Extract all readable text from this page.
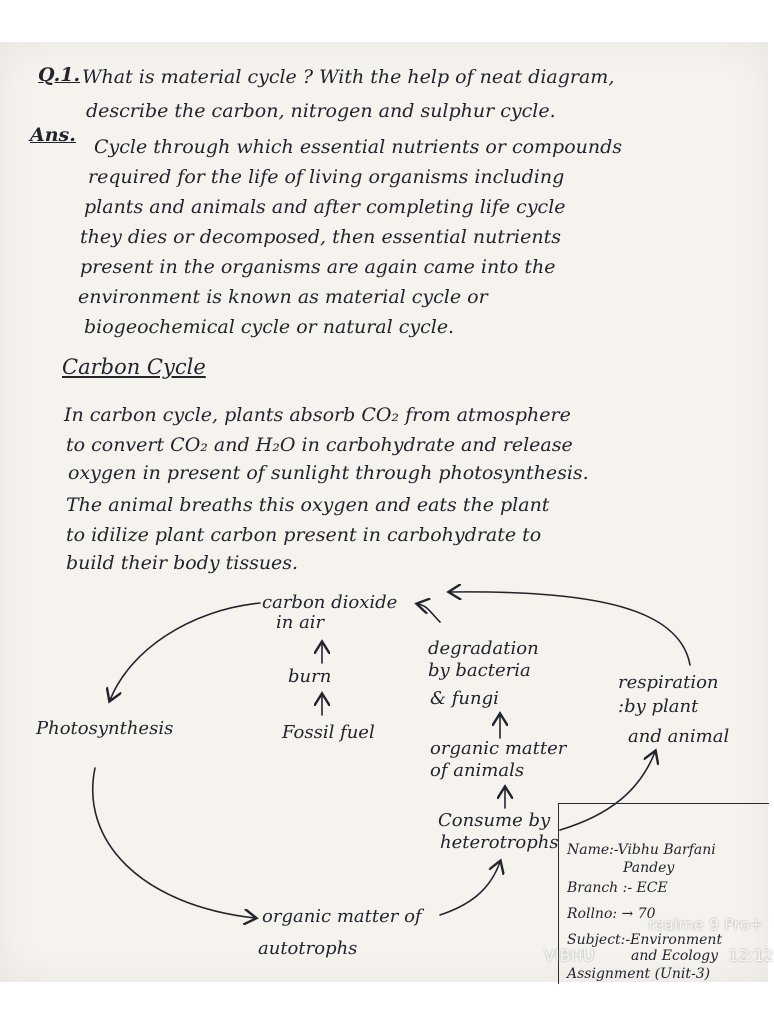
Q.1. What is material cycle ? With the help of neat diagram,
describe the carbon, nitrogen and sulphur cycle.
Ans.
Cycle through which essential nutrients or compounds
required for the life of living organisms including
plants and animals and after completing life cycle
they dies or decomposed, then essential nutrients
present in the organisms are again came into the
environment is known as material cycle or
biogeochemical cycle or natural cycle.
Carbon Cycle
In carbon cycle, plants absorb CO₂ from atmosphere
to convert CO₂ and H₂O in carbohydrate and release
oxygen in present of sunlight through photosynthesis.
The animal breaths this oxygen and eats the plant
to idilize plant carbon present in carbohydrate to
build their body tissues.
carbon dioxide
in air
burn
Fossil fuel
Photosynthesis
degradation
by bacteria
& fungi
respiration
:by plant
and animal
organic matter
of animals
Consume by
heterotrophs
organic matter of
autotrophs
Name:-Vibhu Barfani
Pandey
Branch :- ECE
Rollno: → 70
Subject:-Environment
and Ecology
Assignment (Unit-3)
realme 9 Pro+
VIBHU	12:12
